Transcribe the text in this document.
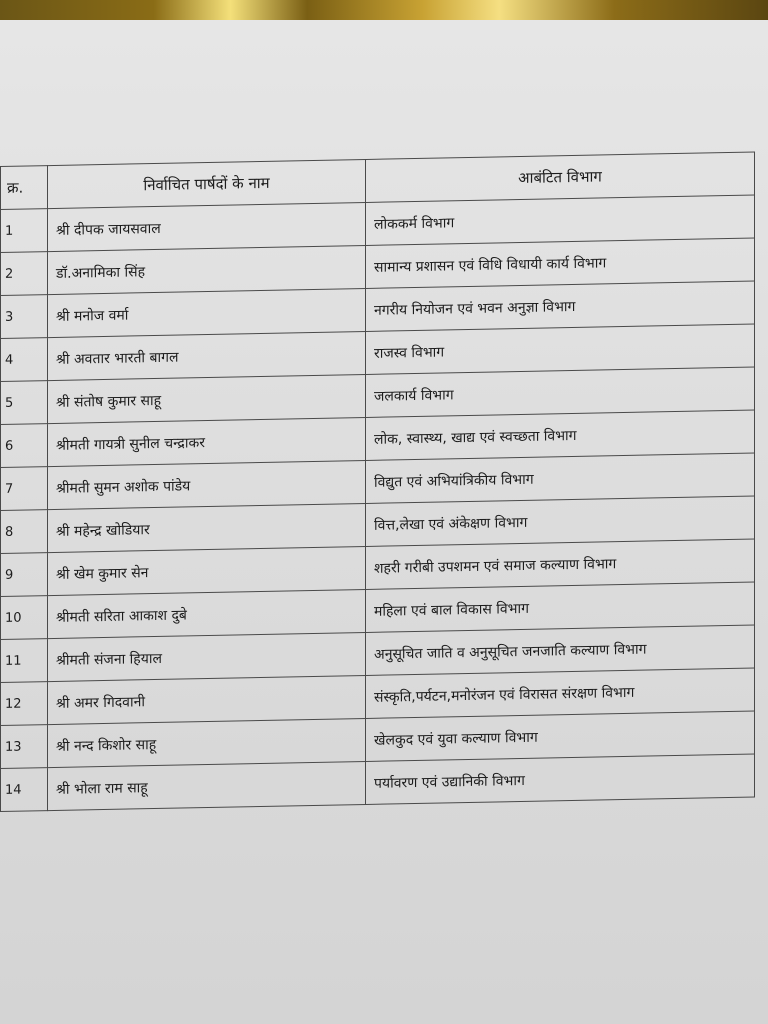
क्र.	निर्वाचित पार्षदों के नाम	आबंटित विभाग
1	श्री दीपक जायसवाल	लोककर्म विभाग
2	डॉ.अनामिका सिंह	सामान्य प्रशासन एवं विधि विधायी कार्य विभाग
3	श्री मनोज वर्मा	नगरीय नियोजन एवं भवन अनुज्ञा विभाग
4	श्री अवतार भारती बागल	राजस्व विभाग
5	श्री संतोष कुमार साहू	जलकार्य विभाग
6	श्रीमती गायत्री सुनील चन्द्राकर	लोक, स्वास्थ्य, खाद्य एवं स्वच्छता विभाग
7	श्रीमती सुमन अशोक पांडेय	विद्युत एवं अभियांत्रिकीय विभाग
8	श्री महेन्द्र खोडियार	वित्त,लेखा एवं अंकेक्षण विभाग
9	श्री खेम कुमार सेन	शहरी गरीबी उपशमन एवं समाज कल्याण विभाग
10	श्रीमती सरिता आकाश दुबे	महिला एवं बाल विकास विभाग
11	श्रीमती संजना हियाल	अनुसूचित जाति व अनुसूचित जनजाति कल्याण विभाग
12	श्री अमर गिदवानी	संस्कृति,पर्यटन,मनोरंजन एवं विरासत संरक्षण विभाग
13	श्री नन्द किशोर साहू	खेलकुद एवं युवा कल्याण विभाग
14	श्री भोला राम साहू	पर्यावरण एवं उद्यानिकी विभाग
